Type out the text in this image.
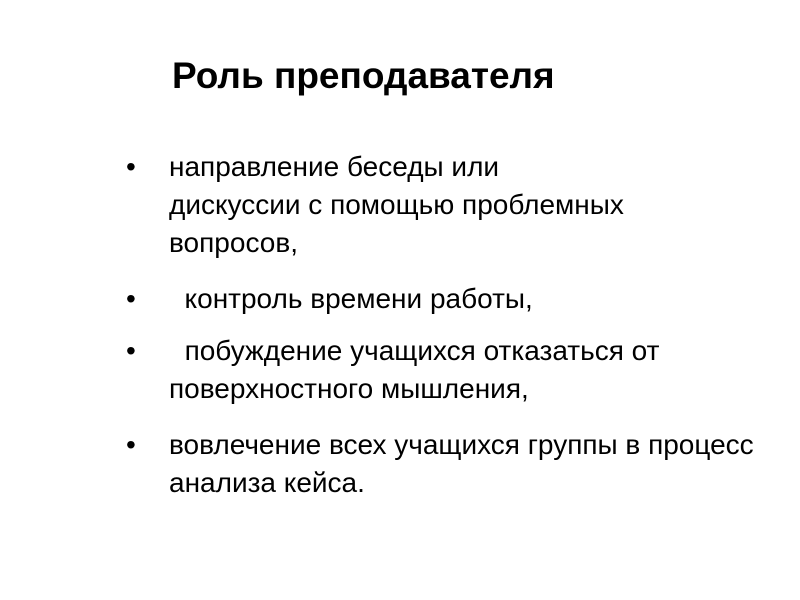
Роль преподавателя
•	направление беседы или
дискуссии с помощью проблемных вопросов,
•	контроль времени работы,
•	побуждение учащихся отказаться от поверхностного мышления,
•	вовлечение всех учащихся группы в процесс анализа кейса.
